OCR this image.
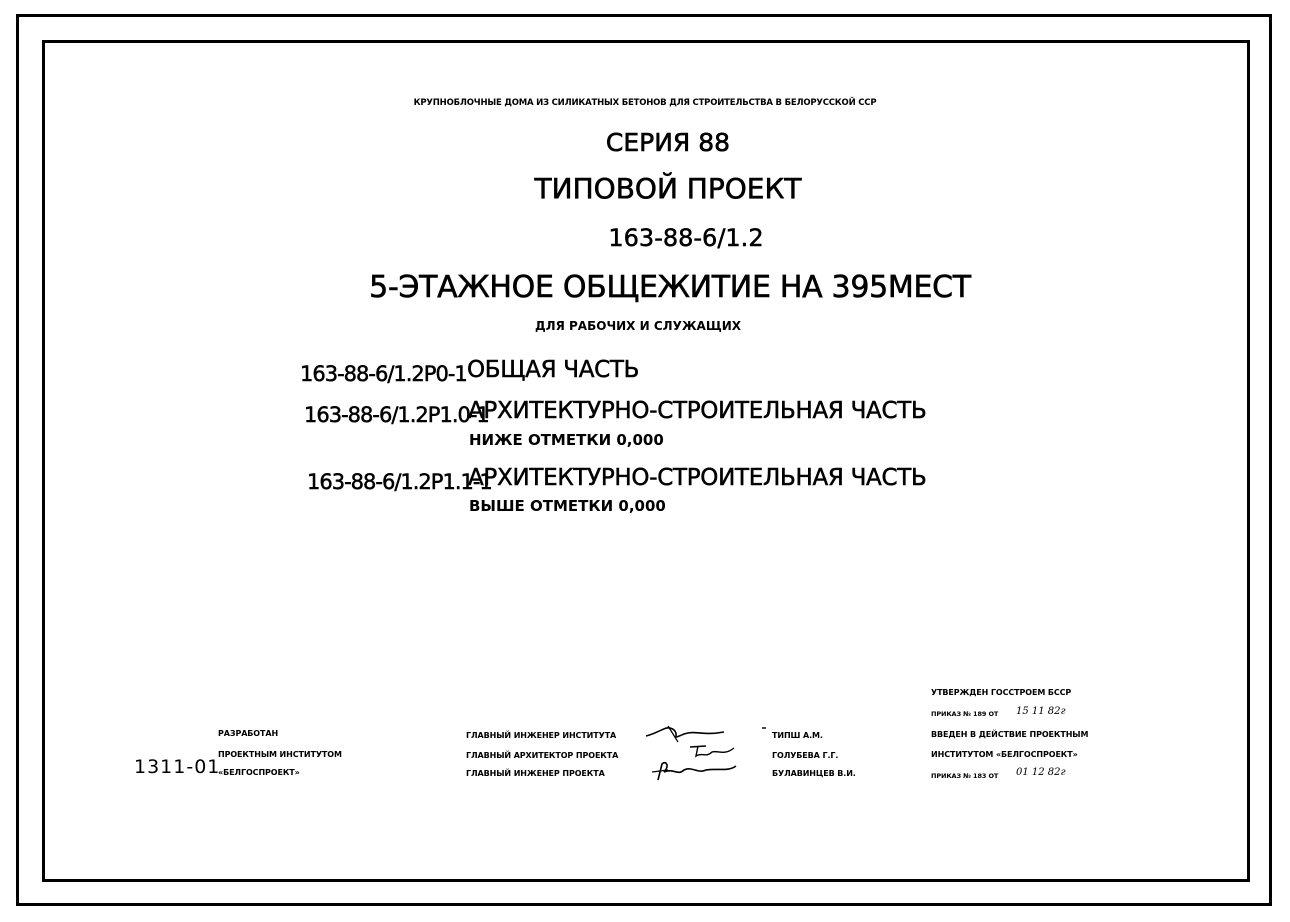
КРУПНОБЛОЧНЫЕ ДОМА ИЗ СИЛИКАТНЫХ БЕТОНОВ ДЛЯ СТРОИТЕЛЬСТВА В БЕЛОРУССКОЙ ССР
СЕРИЯ 88
ТИПОВОЙ ПРОЕКТ
163-88-6/1.2
5-ЭТАЖНОЕ ОБЩЕЖИТИЕ НА 395МЕСТ
ДЛЯ РАБОЧИХ И СЛУЖАЩИХ
163-88-6/1.2Р0-1 ОБЩАЯ ЧАСТЬ
163-88-6/1.2Р1.0-1
АРХИТЕКТУРНО-СТРОИТЕЛЬНАЯ ЧАСТЬ
НИЖЕ ОТМЕТКИ 0,000
163-88-6/1.2Р1.1-1
АРХИТЕКТУРНО-СТРОИТЕЛЬНАЯ ЧАСТЬ
ВЫШЕ ОТМЕТКИ 0,000
РАЗРАБОТАН
ПРОЕКТНЫМ ИНСТИТУТОМ
«БЕЛГОСПРОЕКТ»
1311-01
ГЛАВНЫЙ ИНЖЕНЕР ИНСТИТУТА
ГЛАВНЫЙ АРХИТЕКТОР ПРОЕКТА
ГЛАВНЫЙ ИНЖЕНЕР ПРОЕКТА
ТИПШ А.М.
ГОЛУБЕВА Г.Г.
БУЛАВИНЦЕВ В.И.
УТВЕРЖДЕН ГОССТРОЕМ БССР
ПРИКАЗ № 189 ОТ 15 11 82г
ВВЕДЕН В ДЕЙСТВИЕ ПРОЕКТНЫМ
ИНСТИТУТОМ «БЕЛГОСПРОЕКТ»
ПРИКАЗ № 183 ОТ 01 12 82г
